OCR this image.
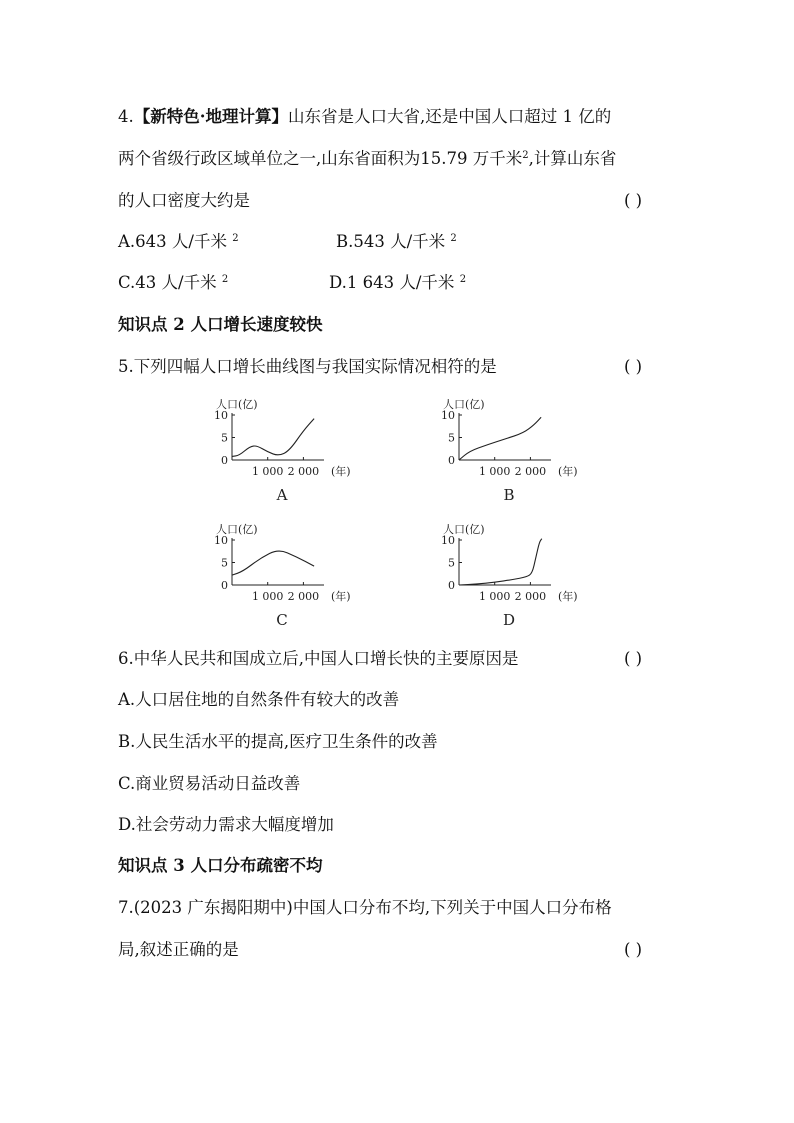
4.【新特色·地理计算】山东省是人口大省,还是中国人口超过 1 亿的
两个省级行政区域单位之一,山东省面积为15.79 万千米$^2$,计算山东省
的人口密度大约是	( )
A.643 人/千米 $^2$	B.543 人/千米 $^2$
C.43 人/千米 $^2$	D.1 643 人/千米 $^2$
知识点 2 人口增长速度较快
5.下列四幅人口增长曲线图与我国实际情况相符的是	( )
10
5
0
人口(亿)
1 000 2 000 (年)
A
10
5
0
人口(亿)
1 000 2 000 (年)
B
10
5
0
人口(亿)
1 000 2 000 (年)
C
10
5
0
人口(亿)
1 000 2 000 (年)
D
6.中华人民共和国成立后,中国人口增长快的主要原因是	( )
A.人口居住地的自然条件有较大的改善
B.人民生活水平的提高,医疗卫生条件的改善
C.商业贸易活动日益改善
D.社会劳动力需求大幅度增加
知识点 3 人口分布疏密不均
7.(2023 广东揭阳期中)中国人口分布不均,下列关于中国人口分布格
局,叙述正确的是	( )
